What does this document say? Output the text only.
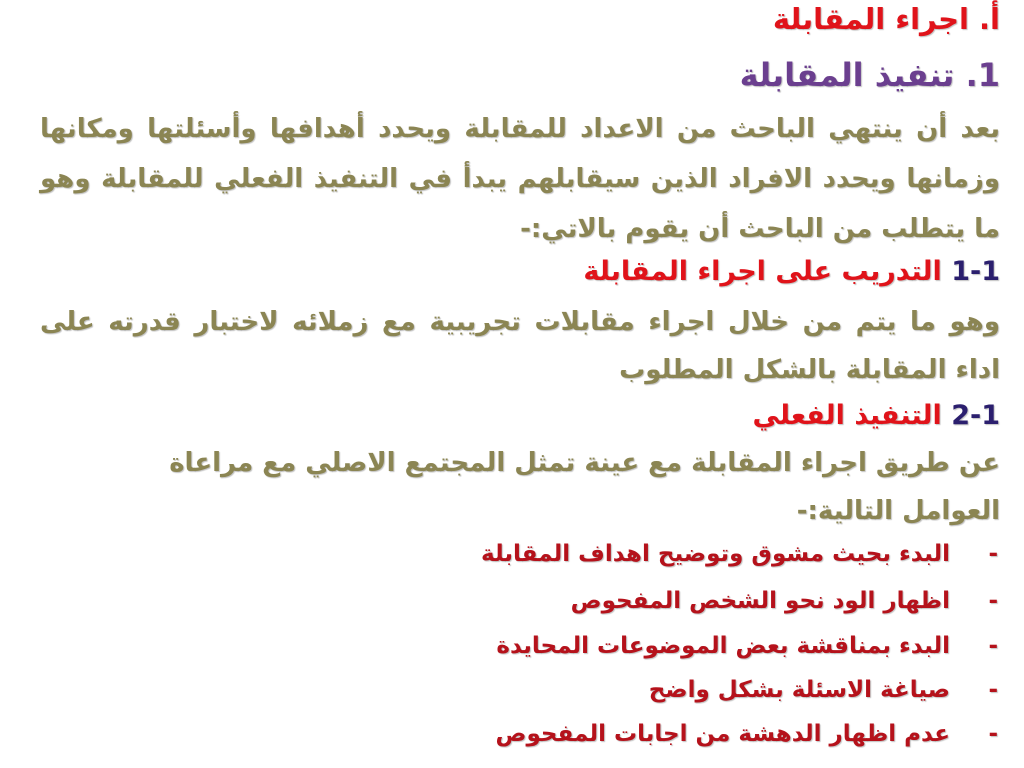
أ. اجراء المقابلة
1. تنفيذ المقابلة
بعد أن ينتهي الباحث من الاعداد للمقابلة ويحدد أهدافها وأسئلتها ومكانها
وزمانها ويحدد الافراد الذين سيقابلهم يبدأ في التنفيذ الفعلي للمقابلة وهو
ما يتطلب من الباحث أن يقوم بالاتي:-
1-1 التدريب على اجراء المقابلة
وهو ما يتم من خلال اجراء مقابلات تجريبية مع زملائه لاختبار قدرته على
اداء المقابلة بالشكل المطلوب
2-1 التنفيذ الفعلي
عن طريق اجراء المقابلة مع عينة تمثل المجتمع الاصلي مع مراعاة
العوامل التالية:-
- البدء بحيث مشوق وتوضيح اهداف المقابلة
- اظهار الود نحو الشخص المفحوص
- البدء بمناقشة بعض الموضوعات المحايدة
- صياغة الاسئلة بشكل واضح
- عدم اظهار الدهشة من اجابات المفحوص
